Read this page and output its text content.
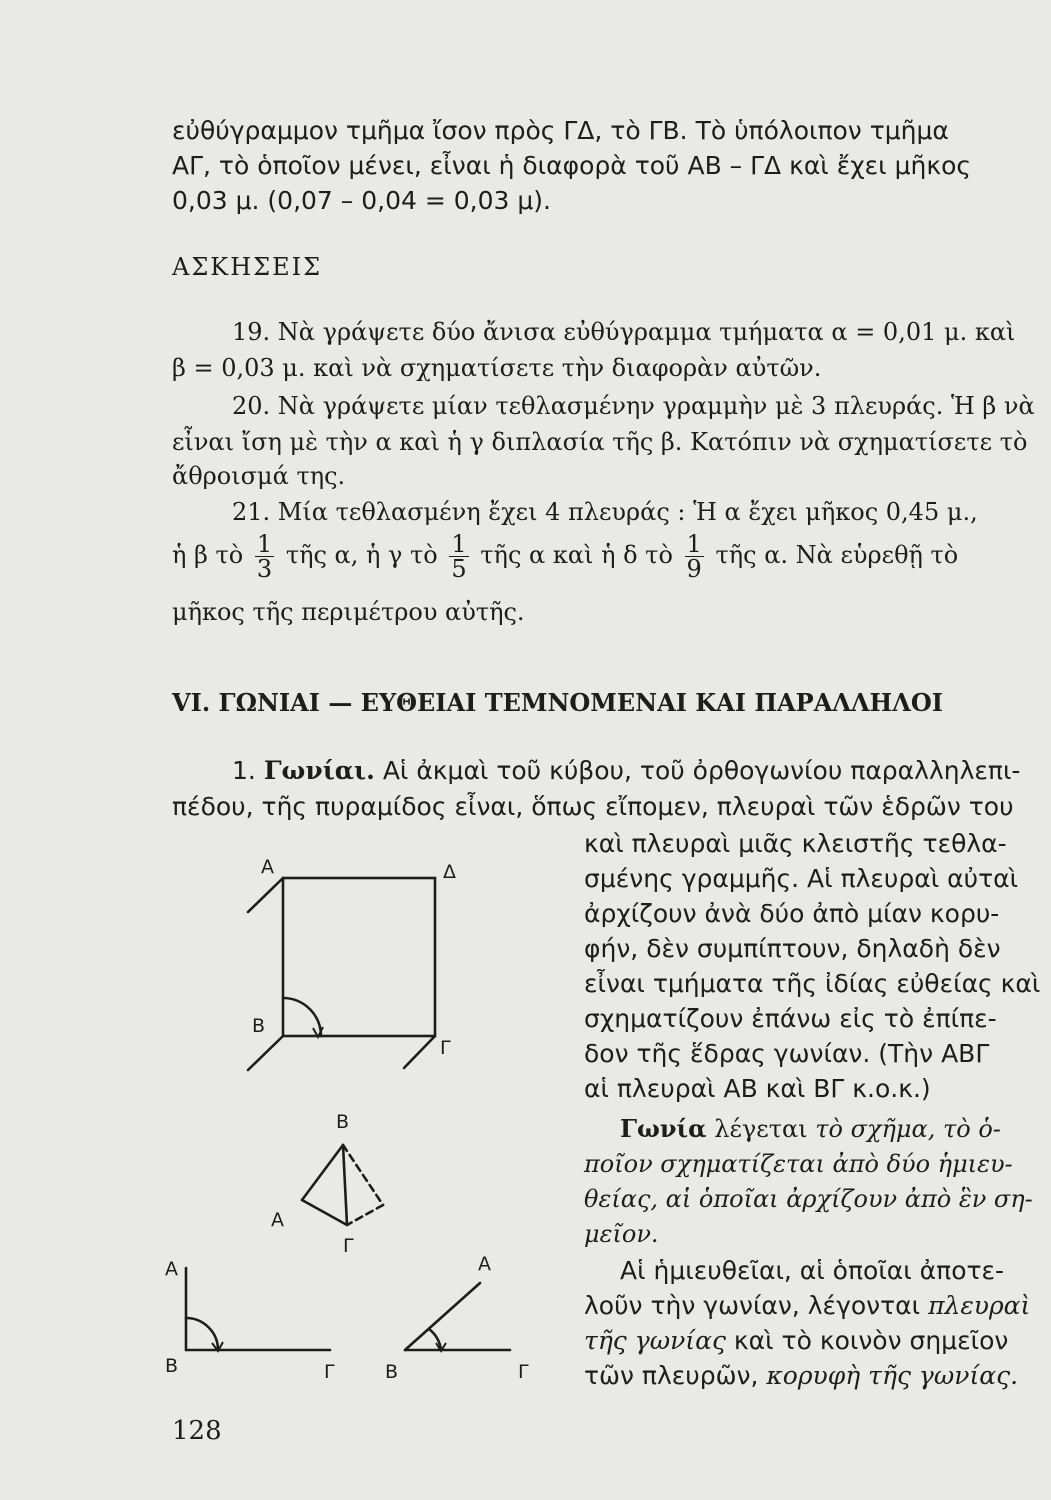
εὐθύγραμμον τμῆμα ἴσον πρὸς ΓΔ, τὸ ΓΒ. Τὸ ὑπόλοιπον τμῆμα

ΑΓ, τὸ ὁποῖον μένει, εἶναι ἡ διαφορὰ τοῦ ΑΒ – ΓΔ καὶ ἔχει μῆκος

0,03 μ. (0,07 – 0,04 = 0,03 μ).

ΑΣΚΗΣΕΙΣ

19. Νὰ γράψετε δύο ἄνισα εὐθύγραμμα τμήματα α = 0,01 μ. καὶ

β = 0,03 μ. καὶ νὰ σχηματίσετε τὴν διαφορὰν αὐτῶν.

20. Νὰ γράψετε μίαν τεθλασμένην γραμμὴν μὲ 3 πλευράς. Ἡ β νὰ

εἶναι ἴση μὲ τὴν α καὶ ἡ γ διπλασία τῆς β. Κατόπιν νὰ σχηματίσετε τὸ

ἄθροισμά της.

21. Μία τεθλασμένη ἔχει 4 πλευράς : Ἡ α ἔχει μῆκος 0,45 μ.,

ἡ β τὸ $\frac{1}{3}$ τῆς α, ἡ γ τὸ $\frac{1}{5}$ τῆς α καὶ ἡ δ τὸ $\frac{1}{9}$ τῆς α. Νὰ εὑρεθῇ τὸ

μῆκος τῆς περιμέτρου αὐτῆς.

VI. ΓΩΝΙΑΙ — ΕΥΘΕΙΑΙ ΤΕΜΝΟΜΕΝΑΙ ΚΑΙ ΠΑΡΑΛΛΗΛΟΙ

1. Γωνίαι. Αἱ ἀκμαὶ τοῦ κύβου, τοῦ ὀρθογωνίου παραλληλεπι-

πέδου, τῆς πυραμίδος εἶναι, ὅπως εἴπομεν, πλευραὶ τῶν ἑδρῶν του

καὶ πλευραὶ μιᾶς κλειστῆς τεθλα-

σμένης γραμμῆς. Αἱ πλευραὶ αὐταὶ

ἀρχίζουν ἀνὰ δύο ἀπὸ μίαν κορυ-

φήν, δὲν συμπίπτουν, δηλαδὴ δὲν

εἶναι τμήματα τῆς ἰδίας εὐθείας καὶ

σχηματίζουν ἐπάνω εἰς τὸ ἐπίπε-

δον τῆς ἕδρας γωνίαν. (Τὴν ΑΒΓ

αἱ πλευραὶ ΑΒ καὶ ΒΓ κ.ο.κ.)

Γωνία λέγεται τὸ σχῆμα, τὸ ὁ-

ποῖον σχηματίζεται ἀπὸ δύο ἡμιευ-

θείας, αἱ ὁποῖαι ἀρχίζουν ἀπὸ ἓν ση-

μεῖον.

Αἱ ἡμιευθεῖαι, αἱ ὁποῖαι ἀποτε-

λοῦν τὴν γωνίαν, λέγονται πλευραὶ
τῆς γωνίας καὶ τὸ κοινὸν σημεῖον
τῶν πλευρῶν, κορυφὴ τῆς γωνίας.
Α	Δ
Β
Γ
Β
Α
Γ
Α
Β	Γ
Α
Β	Γ

128
